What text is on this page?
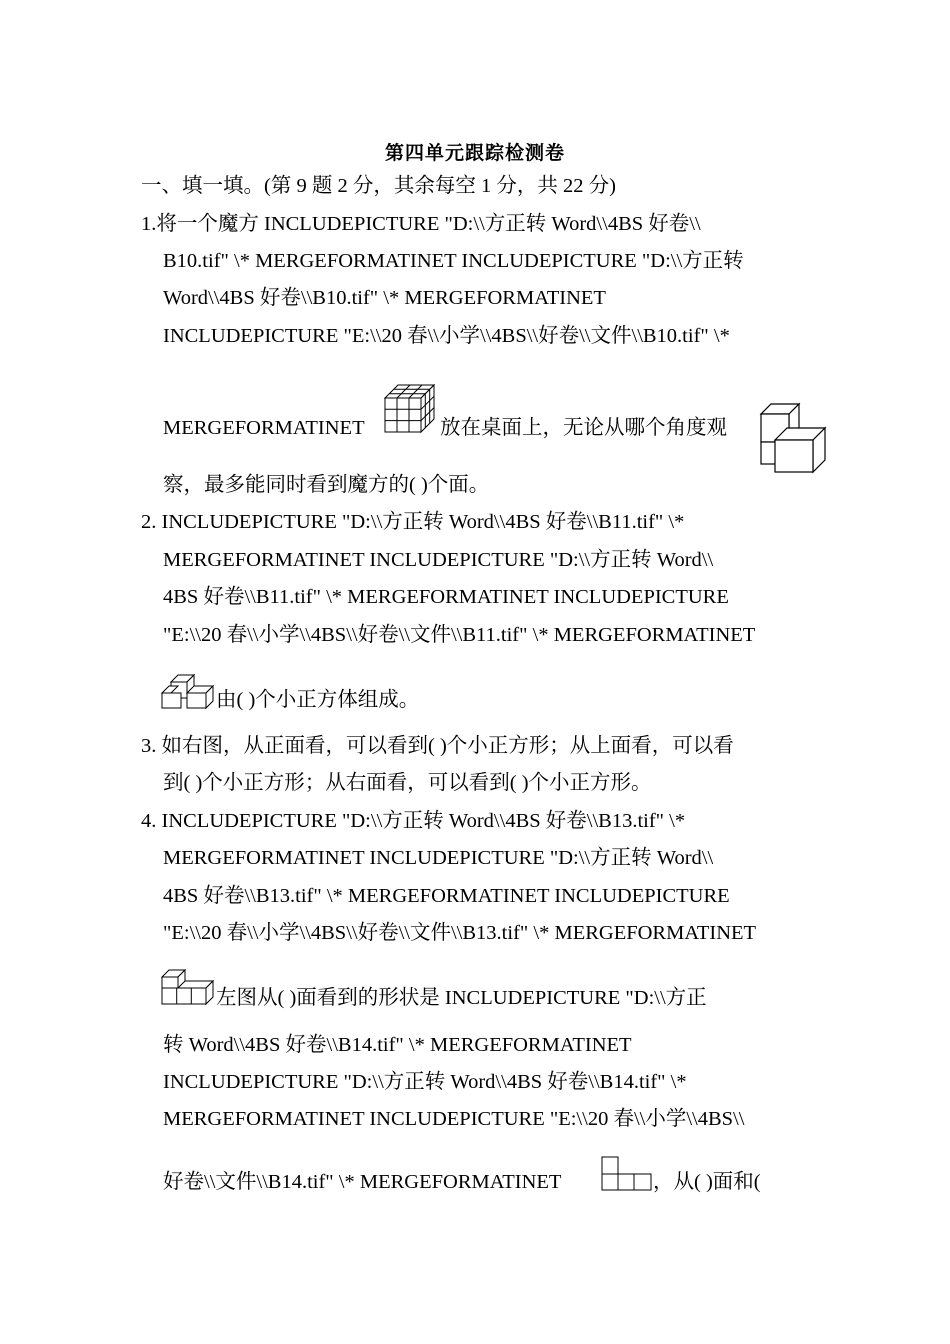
第四单元跟踪检测卷
一、填一填。(第 9 题 2 分，其余每空 1 分，共 22 分)
1.将一个魔方 INCLUDEPICTURE "D:\\方正转 Word\\4BS 好卷\\
B10.tif" \* MERGEFORMATINET INCLUDEPICTURE "D:\\方正转
Word\\4BS 好卷\\B10.tif" \* MERGEFORMATINET
INCLUDEPICTURE "E:\\20 春\\小学\\4BS\\好卷\\文件\\B10.tif" \*
MERGEFORMATINET	放在桌面上，无论从哪个角度观
察，最多能同时看到魔方的( )个面。
2. INCLUDEPICTURE "D:\\方正转 Word\\4BS 好卷\\B11.tif" \*
MERGEFORMATINET INCLUDEPICTURE "D:\\方正转 Word\\
4BS 好卷\\B11.tif" \* MERGEFORMATINET INCLUDEPICTURE
"E:\\20 春\\小学\\4BS\\好卷\\文件\\B11.tif" \* MERGEFORMATINET
由( )个小正方体组成。
3. 如右图，从正面看，可以看到( )个小正方形；从上面看，可以看
到( )个小正方形；从右面看，可以看到( )个小正方形。
4. INCLUDEPICTURE "D:\\方正转 Word\\4BS 好卷\\B13.tif" \*
MERGEFORMATINET INCLUDEPICTURE "D:\\方正转 Word\\
4BS 好卷\\B13.tif" \* MERGEFORMATINET INCLUDEPICTURE
"E:\\20 春\\小学\\4BS\\好卷\\文件\\B13.tif" \* MERGEFORMATINET
左图从( )面看到的形状是 INCLUDEPICTURE "D:\\方正
转 Word\\4BS 好卷\\B14.tif" \* MERGEFORMATINET
INCLUDEPICTURE "D:\\方正转 Word\\4BS 好卷\\B14.tif" \*
MERGEFORMATINET INCLUDEPICTURE "E:\\20 春\\小学\\4BS\\
好卷\\文件\\B14.tif" \* MERGEFORMATINET	，从( )面和(
